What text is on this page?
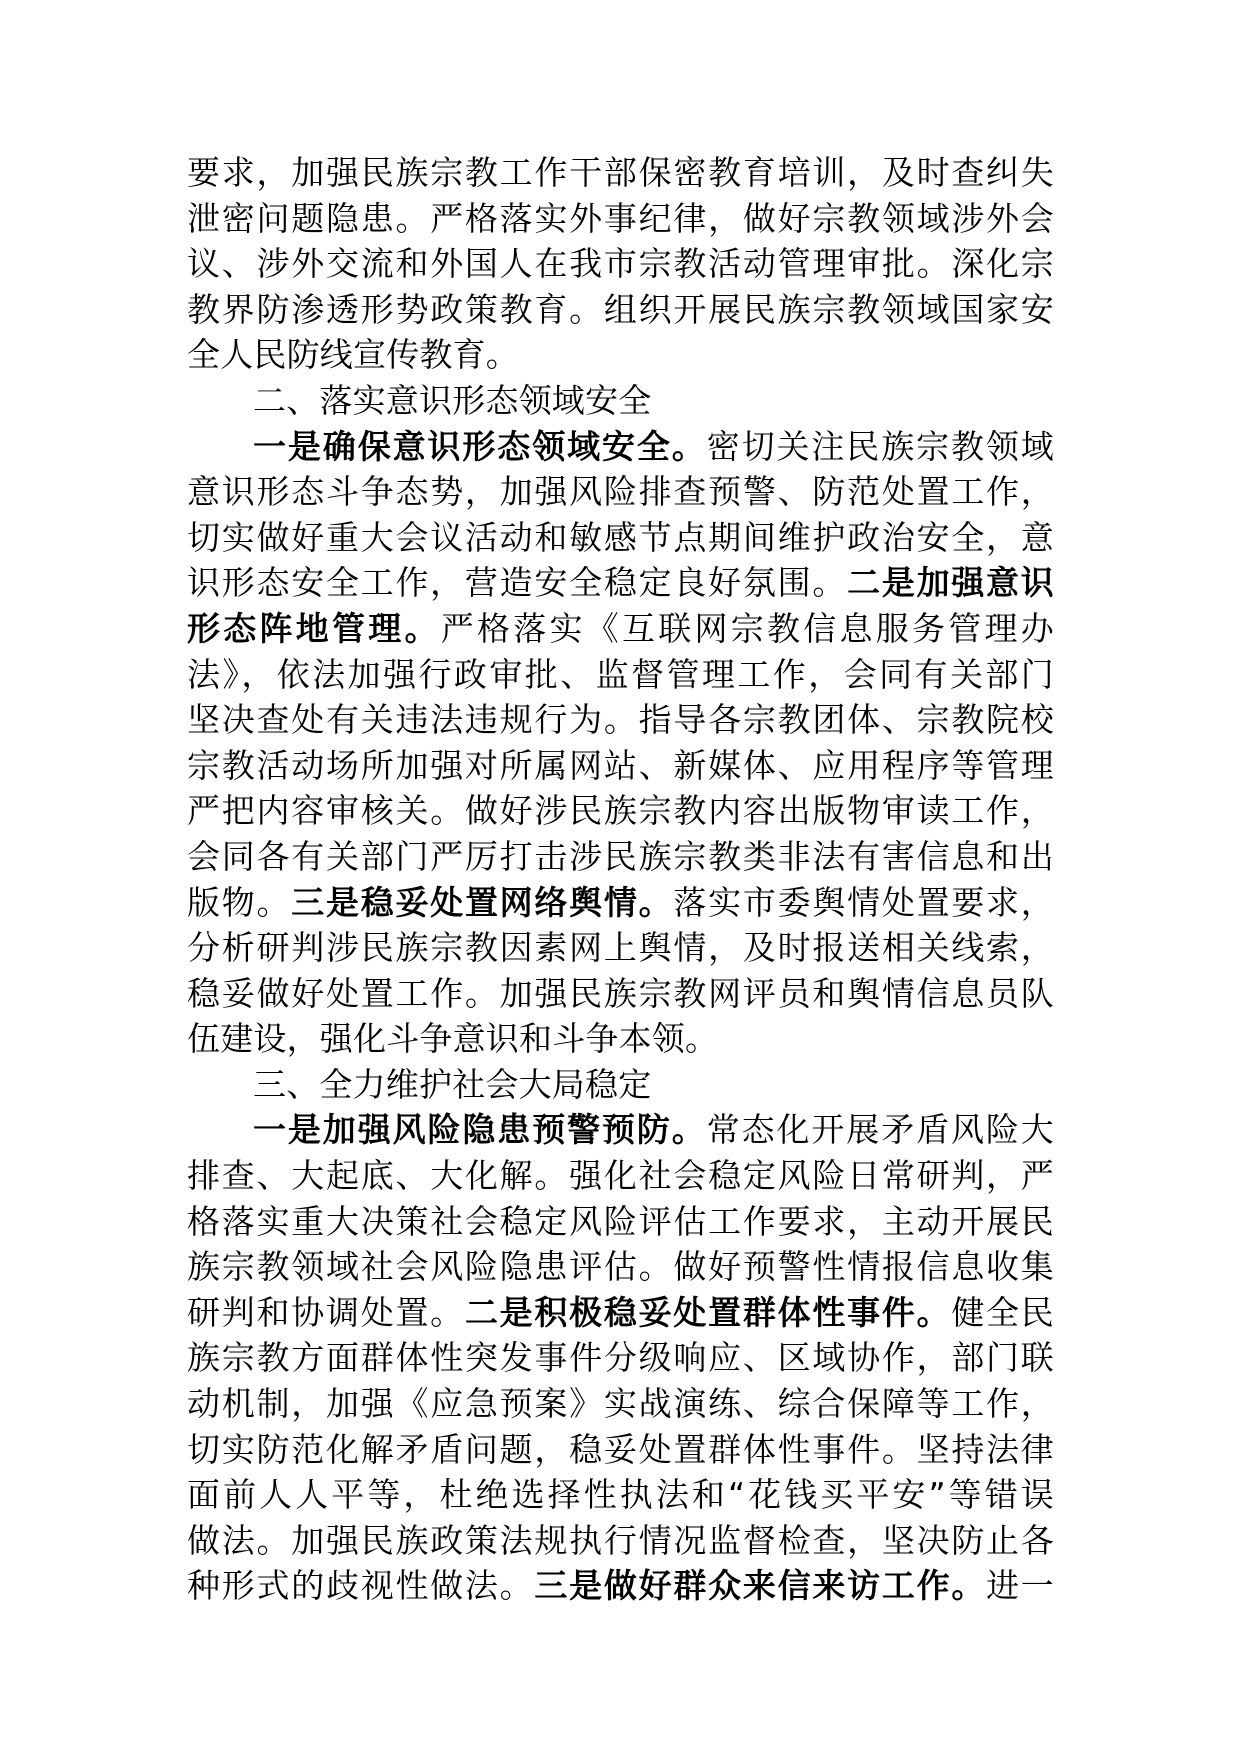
要求，加强民族宗教工作干部保密教育培训，及时查纠失
泄密问题隐患。严格落实外事纪律，做好宗教领域涉外会
议、涉外交流和外国人在我市宗教活动管理审批。深化宗
教界防渗透形势政策教育。组织开展民族宗教领域国家安
全人民防线宣传教育。
二、落实意识形态领域安全
一是确保意识形态领域安全。密切关注民族宗教领域
意识形态斗争态势，加强风险排查预警、防范处置工作，
切实做好重大会议活动和敏感节点期间维护政治安全，意
识形态安全工作，营造安全稳定良好氛围。二是加强意识
形态阵地管理。严格落实《互联网宗教信息服务管理办
法》，依法加强行政审批、监督管理工作，会同有关部门
坚决查处有关违法违规行为。指导各宗教团体、宗教院校
宗教活动场所加强对所属网站、新媒体、应用程序等管理
严把内容审核关。做好涉民族宗教内容出版物审读工作，
会同各有关部门严厉打击涉民族宗教类非法有害信息和出
版物。三是稳妥处置网络舆情。落实市委舆情处置要求，
分析研判涉民族宗教因素网上舆情，及时报送相关线索，
稳妥做好处置工作。加强民族宗教网评员和舆情信息员队
伍建设，强化斗争意识和斗争本领。
三、全力维护社会大局稳定
一是加强风险隐患预警预防。常态化开展矛盾风险大
排查、大起底、大化解。强化社会稳定风险日常研判，严
格落实重大决策社会稳定风险评估工作要求，主动开展民
族宗教领域社会风险隐患评估。做好预警性情报信息收集
研判和协调处置。二是积极稳妥处置群体性事件。健全民
族宗教方面群体性突发事件分级响应、区域协作，部门联
动机制，加强《应急预案》实战演练、综合保障等工作，
切实防范化解矛盾问题，稳妥处置群体性事件。坚持法律
面前人人平等，杜绝选择性执法和“花钱买平安”等错误
做法。加强民族政策法规执行情况监督检查，坚决防止各
种形式的歧视性做法。三是做好群众来信来访工作。进一
